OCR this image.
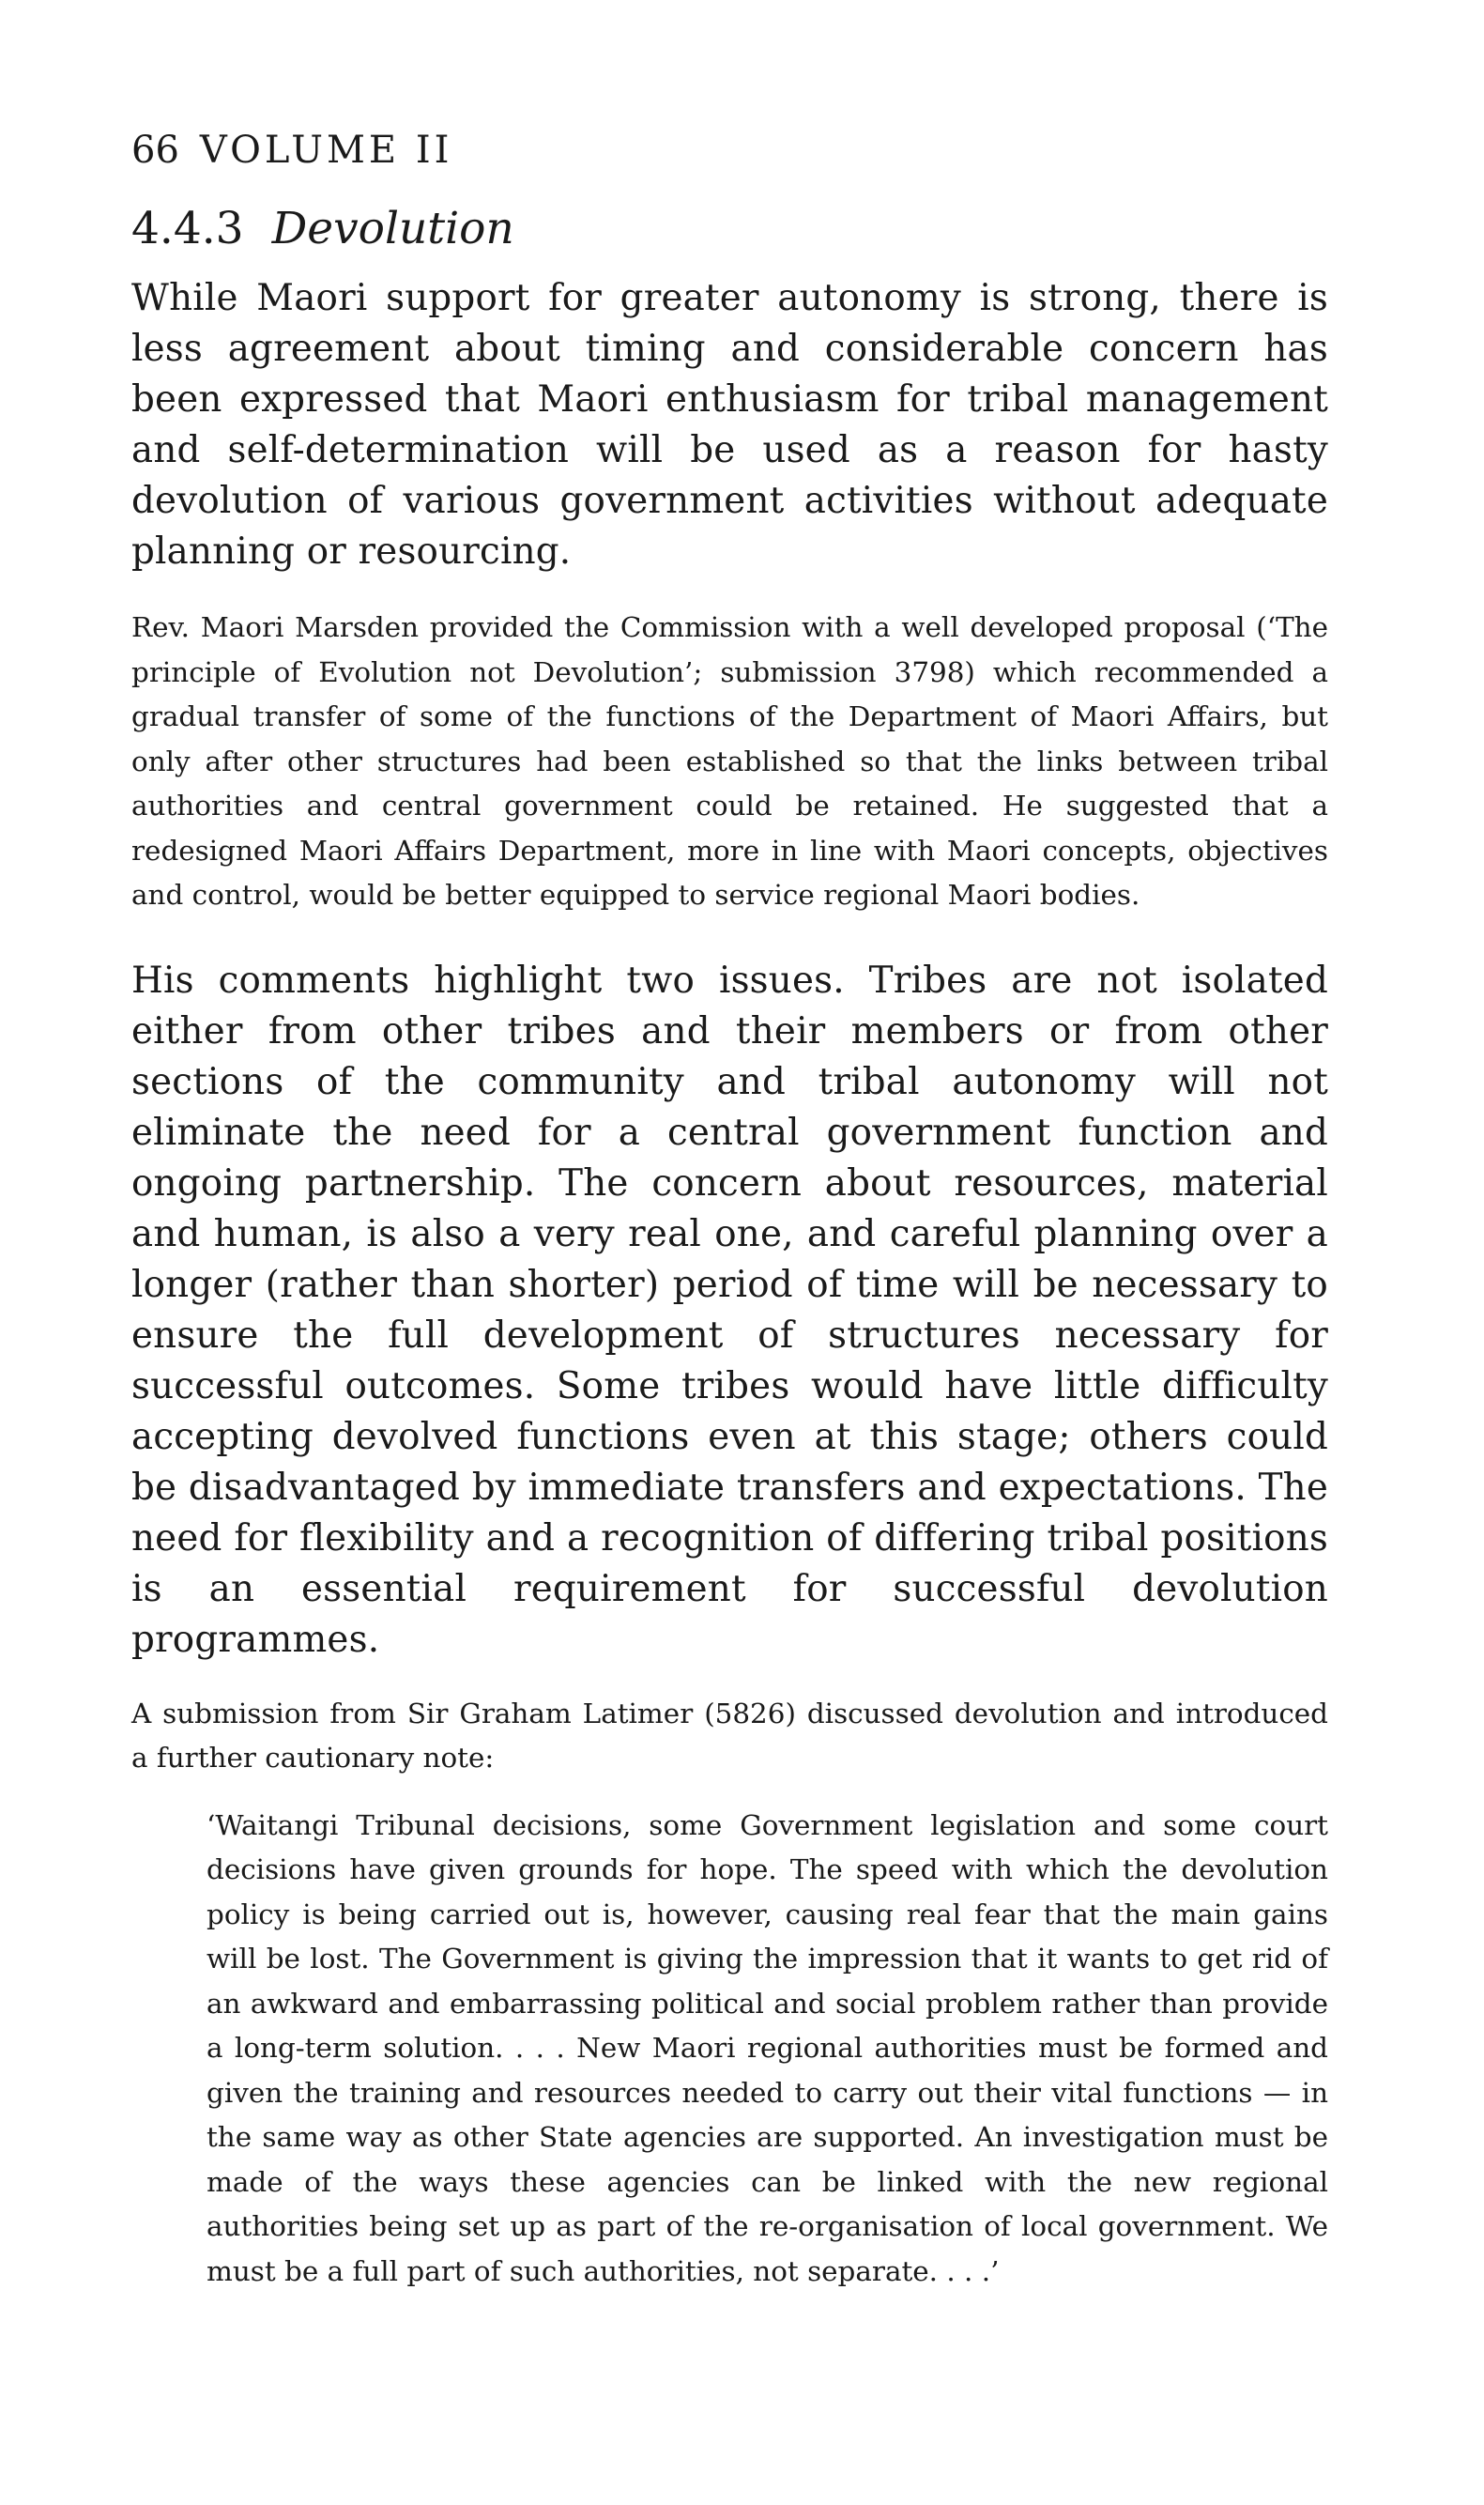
66 VOLUME II
4.4.3 Devolution

While Maori support for greater autonomy is strong, there is less agreement about timing and considerable concern has been expressed that Maori enthusiasm for tribal management and self-determination will be used as a reason for hasty devolution of various government activities without adequate planning or resourcing.

Rev. Maori Marsden provided the Commission with a well developed proposal (‘The principle of Evolution not Devolution’; submission 3798) which recommended a gradual transfer of some of the functions of the Department of Maori Affairs, but only after other structures had been established so that the links between tribal authorities and central government could be retained. He suggested that a redesigned Maori Affairs Department, more in line with Maori concepts, objectives and control, would be better equipped to service regional Maori bodies.

His comments highlight two issues. Tribes are not isolated either from other tribes and their members or from other sections of the community and tribal autonomy will not eliminate the need for a central government function and ongoing partnership. The concern about resources, material and human, is also a very real one, and careful planning over a longer (rather than shorter) period of time will be necessary to ensure the full development of structures necessary for successful outcomes. Some tribes would have little difficulty accepting devolved functions even at this stage; others could be disadvantaged by immediate transfers and expectations. The need for flexibility and a recognition of differing tribal positions is an essential requirement for successful devolution programmes.

A submission from Sir Graham Latimer (5826) discussed devolution and introduced a further cautionary note:

‘Waitangi Tribunal decisions, some Government legislation and some court decisions have given grounds for hope. The speed with which the devolution policy is being carried out is, however, causing real fear that the main gains will be lost. The Government is giving the impression that it wants to get rid of an awkward and embarrassing political and social problem rather than provide a long-term solution. . . . New Maori regional authorities must be formed and given the training and resources needed to carry out their vital functions — in the same way as other State agencies are supported. An investigation must be made of the ways these agencies can be linked with the new regional authorities being set up as part of the re-organisation of local government. We must be a full part of such authorities, not separate. . . .’
